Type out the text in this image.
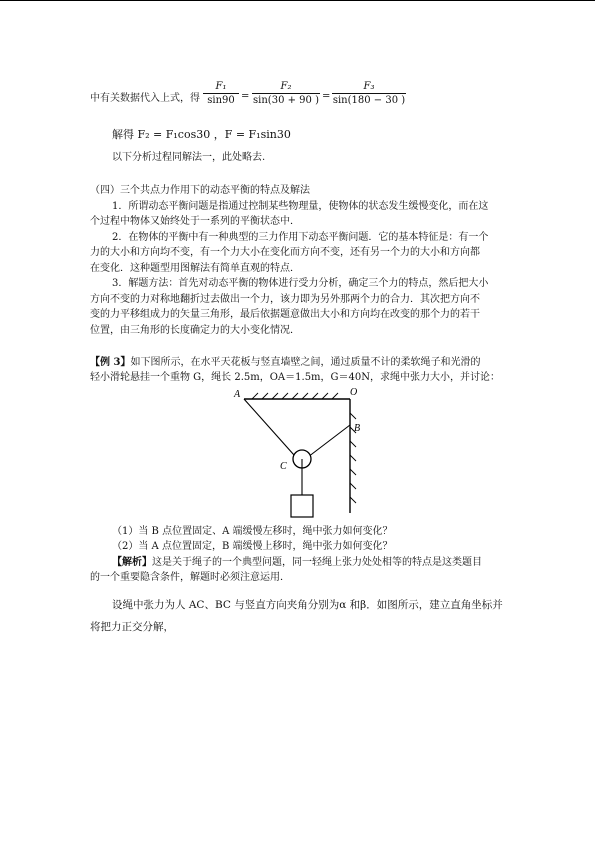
中有关数据代入上式，得 $\frac{\text{F₁}}{\sin 90} = \frac{\text{F₂}}{\sin(30 + 90 )} = \frac{\text{F₃}}{\sin(180 - 30 )}$
解得 F₂ = F₁cos30 ，F = F₁sin30
以下分析过程同解法一，此处略去.
（四）三个共点力作用下的动态平衡的特点及解法
1．所谓动态平衡问题是指通过控制某些物理量，使物体的状态发生缓慢变化，而在这
个过程中物体又始终处于一系列的平衡状态中．
2．在物体的平衡中有一种典型的三力作用下动态平衡问题．它的基本特征是：有一个
力的大小和方向均不变，有一个力大小在变化而方向不变，还有另一个力的大小和方向都
在变化．这种题型用图解法有简单直观的特点．
3．解题方法：首先对动态平衡的物体进行受力分析，确定三个力的特点，然后把大小
方向不变的力对称地翻折过去做出一个力，该力即为另外那两个力的合力．其次把方向不
变的力平移组成力的矢量三角形，最后依据题意做出大小和方向均在改变的那个力的若干
位置，由三角形的长度确定力的大小变化情况．
【例 3】如下图所示，在水平天花板与竖直墙壁之间，通过质量不计的柔软绳子和光滑的
轻小滑轮悬挂一个重物 G，绳长 2.5m，OA＝1.5m，G＝40N，求绳中张力大小，并讨论：
A	O
B
C
（1）当 B 点位置固定、A 端缓慢左移时，绳中张力如何变化？
（2）当 A 点位置固定，B 端缓慢上移时，绳中张力如何变化？
【解析】这是关于绳子的一个典型问题，同一轻绳上张力处处相等的特点是这类题目
的一个重要隐含条件，解题时必须注意运用．
设绳中张力为人 AC、BC 与竖直方向夹角分别为α 和β．如图所示，建立直角坐标并
将把力正交分解，
